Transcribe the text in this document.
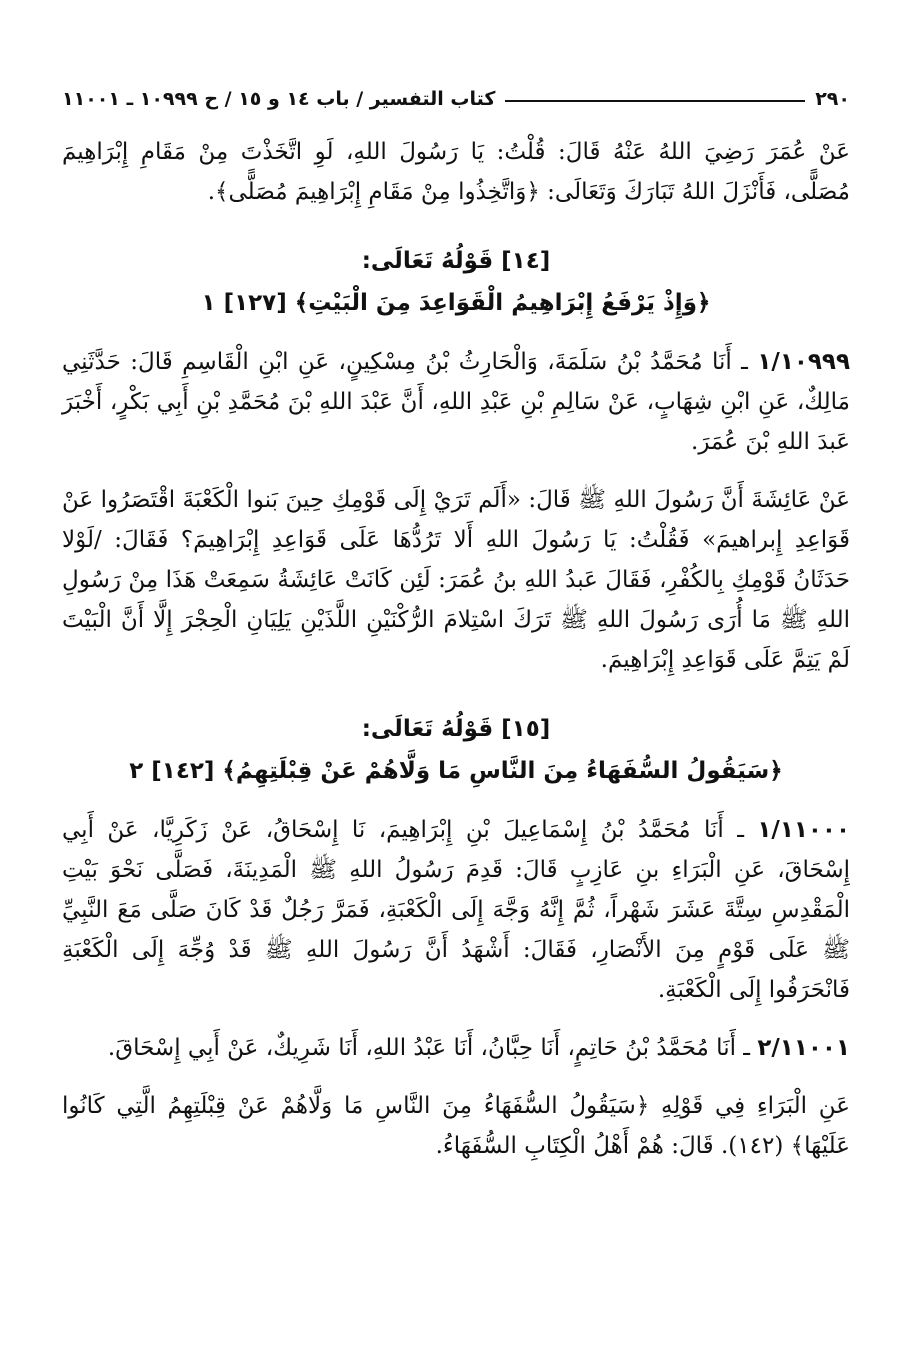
كتاب التفسير / باب ١٤ و ١٥ / ح ١٠٩٩٩ ـ ١١٠٠١	٢٩٠

عَنْ عُمَرَ رَضِيَ اللهُ عَنْهُ قَالَ: قُلْتُ: يَا رَسُولَ اللهِ، لَوِ اتَّخَذْتَ مِنْ مَقَامِ إِبْرَاهِيمَ مُصَلًّى، فَأَنْزَلَ اللهُ تَبَارَكَ وَتَعَالَى: ﴿وَاتَّخِذُوا مِنْ مَقَامِ إِبْرَاهِيمَ مُصَلًّى﴾.

[١٤] قَوْلُهُ تَعَالَى:
﴿وَإِذْ يَرْفَعُ إِبْرَاهِيمُ الْقَوَاعِدَ مِنَ الْبَيْتِ﴾ [١٢٧] ١

١/١٠٩٩٩ ـ أَنَا مُحَمَّدُ بْنُ سَلَمَةَ، وَالْحَارِثُ بْنُ مِسْكِينٍ، عَنِ ابْنِ الْقَاسِمِ قَالَ: حَدَّثَنِي مَالِكٌ، عَنِ ابْنِ شِهَابٍ، عَنْ سَالِمِ بْنِ عَبْدِ اللهِ، أَنَّ عَبْدَ اللهِ بْنَ مُحَمَّدِ بْنِ أَبِي بَكْرٍ، أَخْبَرَ عَبدَ اللهِ بْنَ عُمَرَ.

عَنْ عَائِشَةَ أَنَّ رَسُولَ اللهِ ﷺ قَالَ: «أَلَم تَرَيْ إِلَى قَوْمِكِ حِينَ بَنوا الْكَعْبَةَ اقْتَصَرُوا عَنْ قَوَاعِدِ إِبراهيمَ» فَقُلْتُ: يَا رَسُولَ اللهِ أَلا تَرُدُّهَا عَلَى قَوَاعِدِ إِبْرَاهِيمَ؟ فَقَالَ: /لَوْلا حَدَثَانُ قَوْمِكِ بِالكُفْرِ، فَقَالَ عَبدُ اللهِ بنُ عُمَرَ: لَئِن كَانَتْ عَائِشَةُ سَمِعَتْ هَذَا مِنْ رَسُولِ اللهِ ﷺ مَا أُرَى رَسُولَ اللهِ ﷺ تَرَكَ اسْتِلامَ الرُّكْنَيْنِ اللَّذَيْنِ يَلِيَانِ الْحِجْرَ إِلَّا أَنَّ الْبَيْتَ لَمْ يَتِمَّ عَلَى قَوَاعِدِ إِبْرَاهِيمَ.

[١٥] قَوْلُهُ تَعَالَى:
﴿سَيَقُولُ السُّفَهَاءُ مِنَ النَّاسِ مَا وَلَّاهُمْ عَنْ قِبْلَتِهِمُ﴾ [١٤٢] ٢

١/١١٠٠٠ ـ أَنَا مُحَمَّدُ بْنُ إِسْمَاعِيلَ بْنِ إِبْرَاهِيمَ، نَا إِسْحَاقُ، عَنْ زَكَرِيَّا، عَنْ أَبِي إِسْحَاقَ، عَنِ الْبَرَاءِ بنِ عَازِبٍ قَالَ: قَدِمَ رَسُولُ اللهِ ﷺ الْمَدِينَةَ، فَصَلَّى نَحْوَ بَيْتِ الْمَقْدِسِ سِتَّةَ عَشَرَ شَهْراً، ثُمَّ إِنَّهُ وَجَّهَ إِلَى الْكَعْبَةِ، فَمَرَّ رَجُلٌ قَدْ كَانَ صَلَّى مَعَ النَّبِيِّ ﷺ عَلَى قَوْمٍ مِنَ الأَنْصَارِ، فَقَالَ: أَشْهَدُ أَنَّ رَسُولَ اللهِ ﷺ قَدْ وُجِّهَ إِلَى الْكَعْبَةِ فَانْحَرَفُوا إِلَى الْكَعْبَةِ.

٢/١١٠٠١ ـ أَنَا مُحَمَّدُ بْنُ حَاتِمٍ، أَنَا حِبَّانُ، أَنَا عَبْدُ اللهِ، أَنَا شَرِيكٌ، عَنْ أَبِي إِسْحَاقَ.

عَنِ الْبَرَاءِ فِي قَوْلِهِ ﴿سَيَقُولُ السُّفَهَاءُ مِنَ النَّاسِ مَا وَلَّاهُمْ عَنْ قِبْلَتِهِمُ الَّتِي كَانُوا عَلَيْهَا﴾ (١٤٢). قَالَ: هُمْ أَهْلُ الْكِتَابِ السُّفَهَاءُ.
